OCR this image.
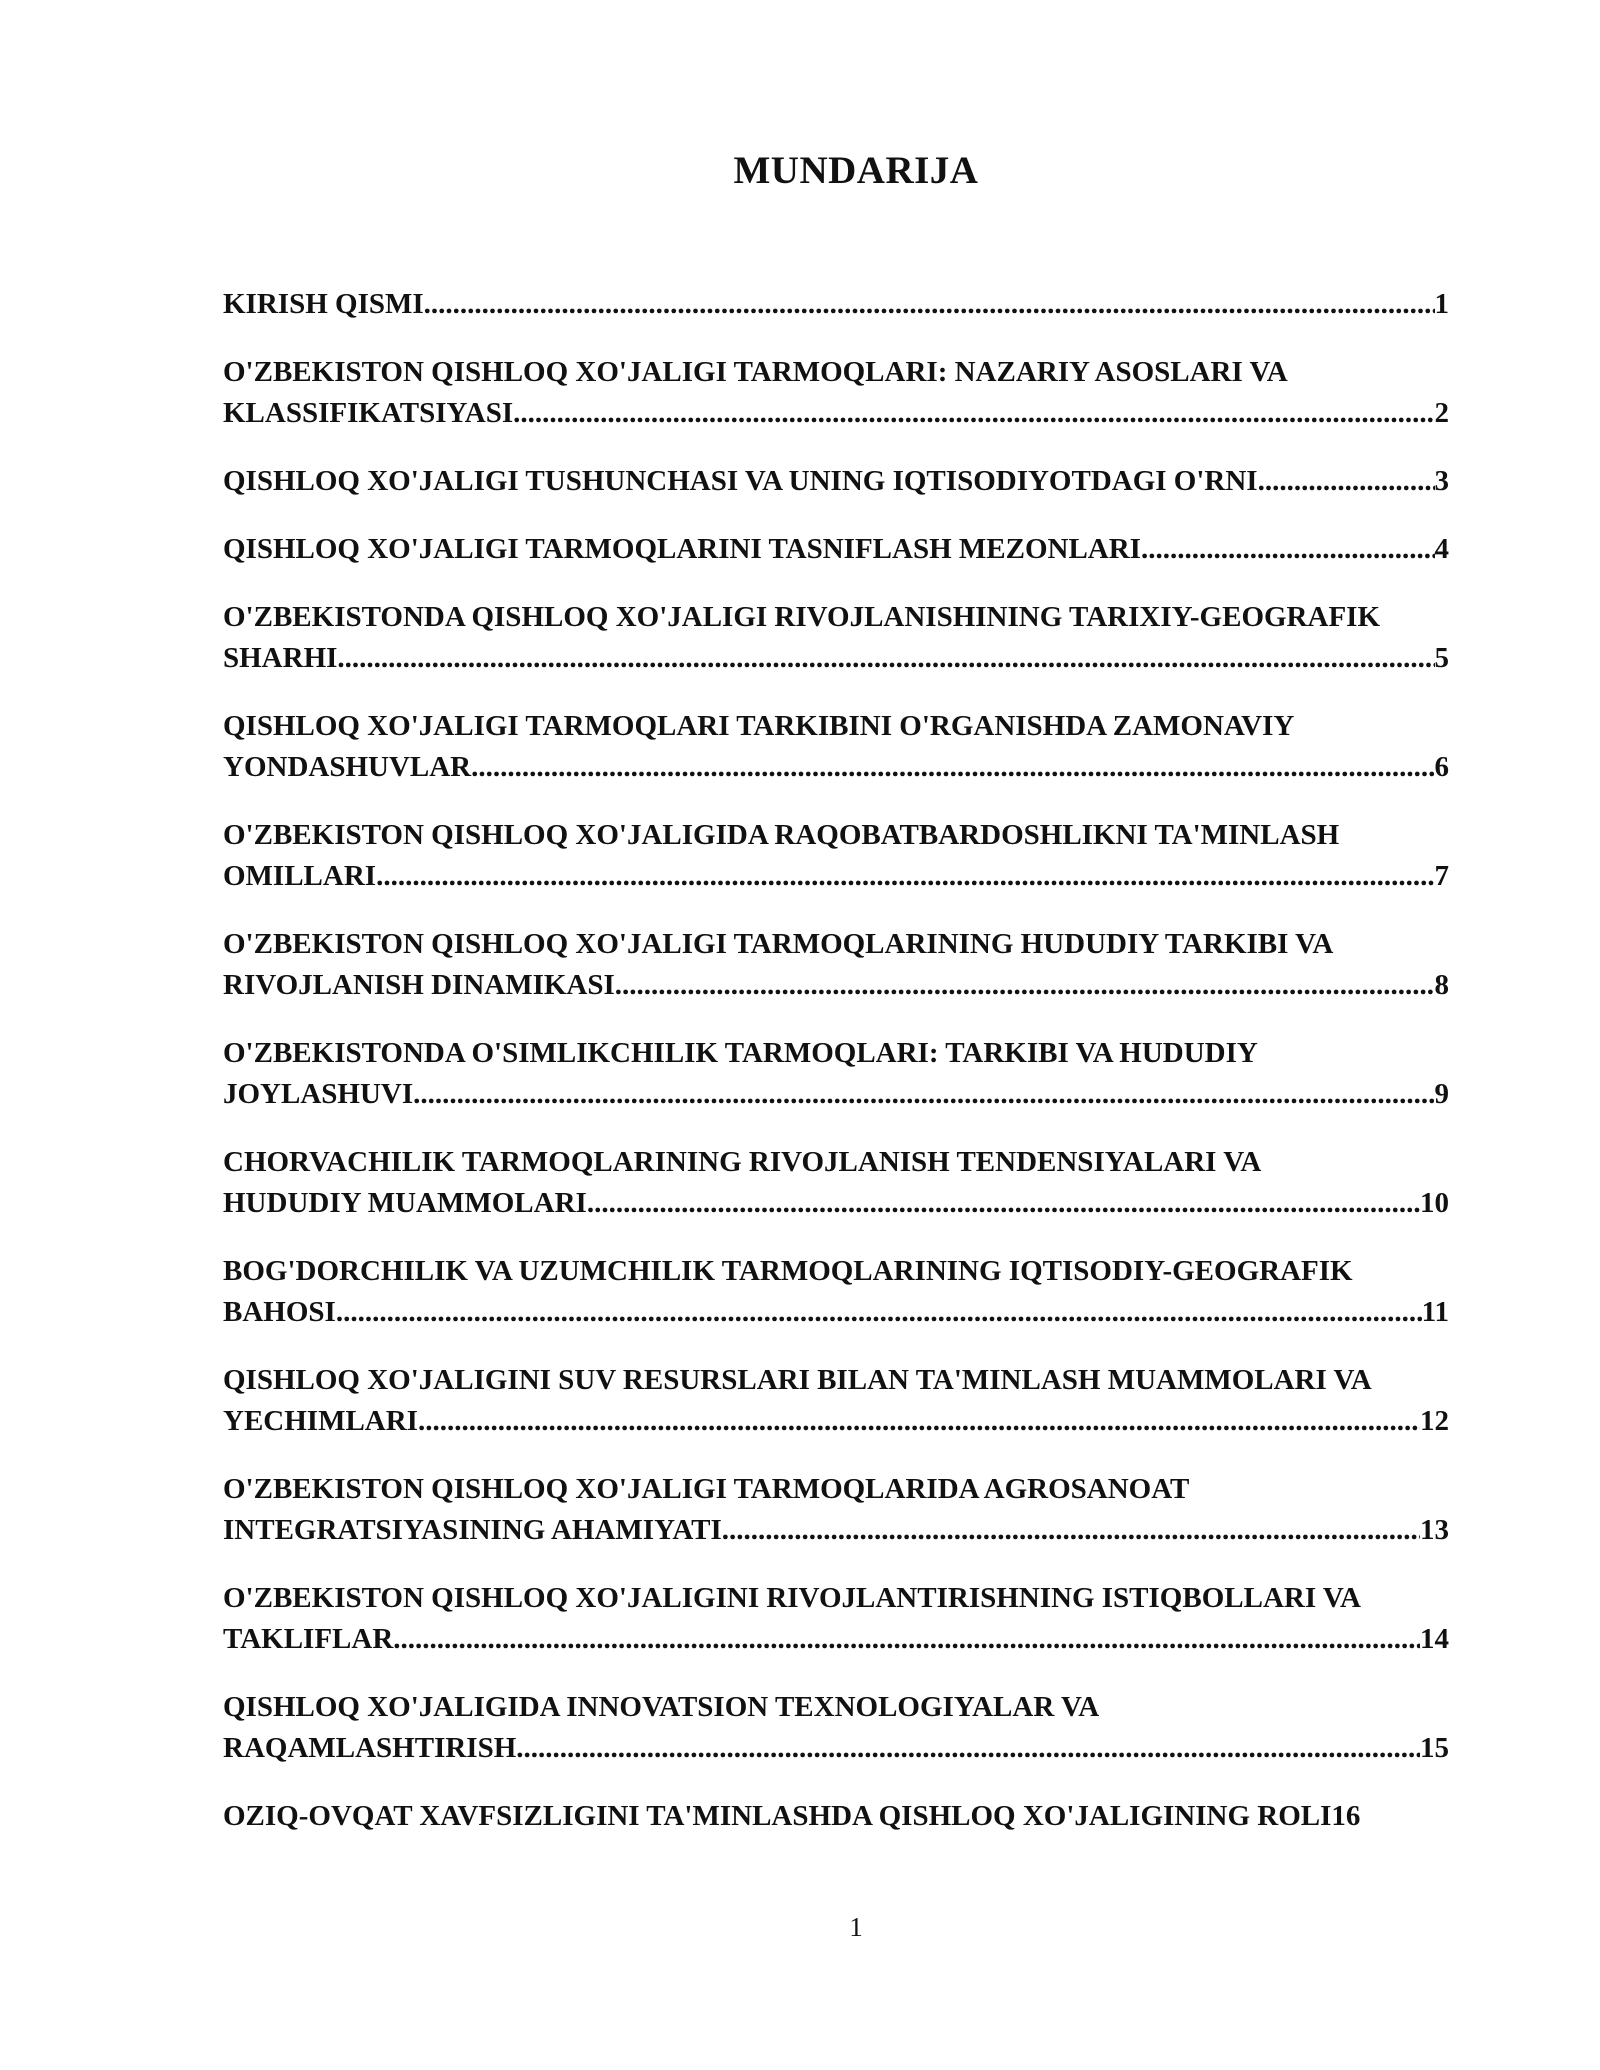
MUNDARIJA
KIRISH QISMI .....	1
O'ZBEKISTON QISHLOQ XO'JALIGI TARMOQLARI: NAZARIY ASOSLARI VA
KLASSIFIKATSIYASI .....	2
QISHLOQ XO'JALIGI TUSHUNCHASI VA UNING IQTISODIYOTDAGI O'RNI .....	3
QISHLOQ XO'JALIGI TARMOQLARINI TASNIFLASH MEZONLARI .....	4
O'ZBEKISTONDA QISHLOQ XO'JALIGI RIVOJLANISHINING TARIXIY-GEOGRAFIK
SHARHI .....	5
QISHLOQ XO'JALIGI TARMOQLARI TARKIBINI O'RGANISHDA ZAMONAVIY
YONDASHUVLAR .....	6
O'ZBEKISTON QISHLOQ XO'JALIGIDA RAQOBATBARDOSHLIKNI TA'MINLASH
OMILLARI .....	7
O'ZBEKISTON QISHLOQ XO'JALIGI TARMOQLARINING HUDUDIY TARKIBI VA
RIVOJLANISH DINAMIKASI .....	8
O'ZBEKISTONDA O'SIMLIKCHILIK TARMOQLARI: TARKIBI VA HUDUDIY
JOYLASHUVI .....	9
CHORVACHILIK TARMOQLARINING RIVOJLANISH TENDENSIYALARI VA
HUDUDIY MUAMMOLARI .....	10
BOG'DORCHILIK VA UZUMCHILIK TARMOQLARINING IQTISODIY-GEOGRAFIK
BAHOSI .....	11
QISHLOQ XO'JALIGINI SUV RESURSLARI BILAN TA'MINLASH MUAMMOLARI VA
YECHIMLARI .....	12
O'ZBEKISTON QISHLOQ XO'JALIGI TARMOQLARIDA AGROSANOAT
INTEGRATSIYASINING AHAMIYATI .....	13
O'ZBEKISTON QISHLOQ XO'JALIGINI RIVOJLANTIRISHNING ISTIQBOLLARI VA
TAKLIFLAR .....	14
QISHLOQ XO'JALIGIDA INNOVATSION TEXNOLOGIYALAR VA
RAQAMLASHTIRISH .....	15
OZIQ-OVQAT XAVFSIZLIGINI TA'MINLASHDA QISHLOQ XO'JALIGINING ROLI 16

1
